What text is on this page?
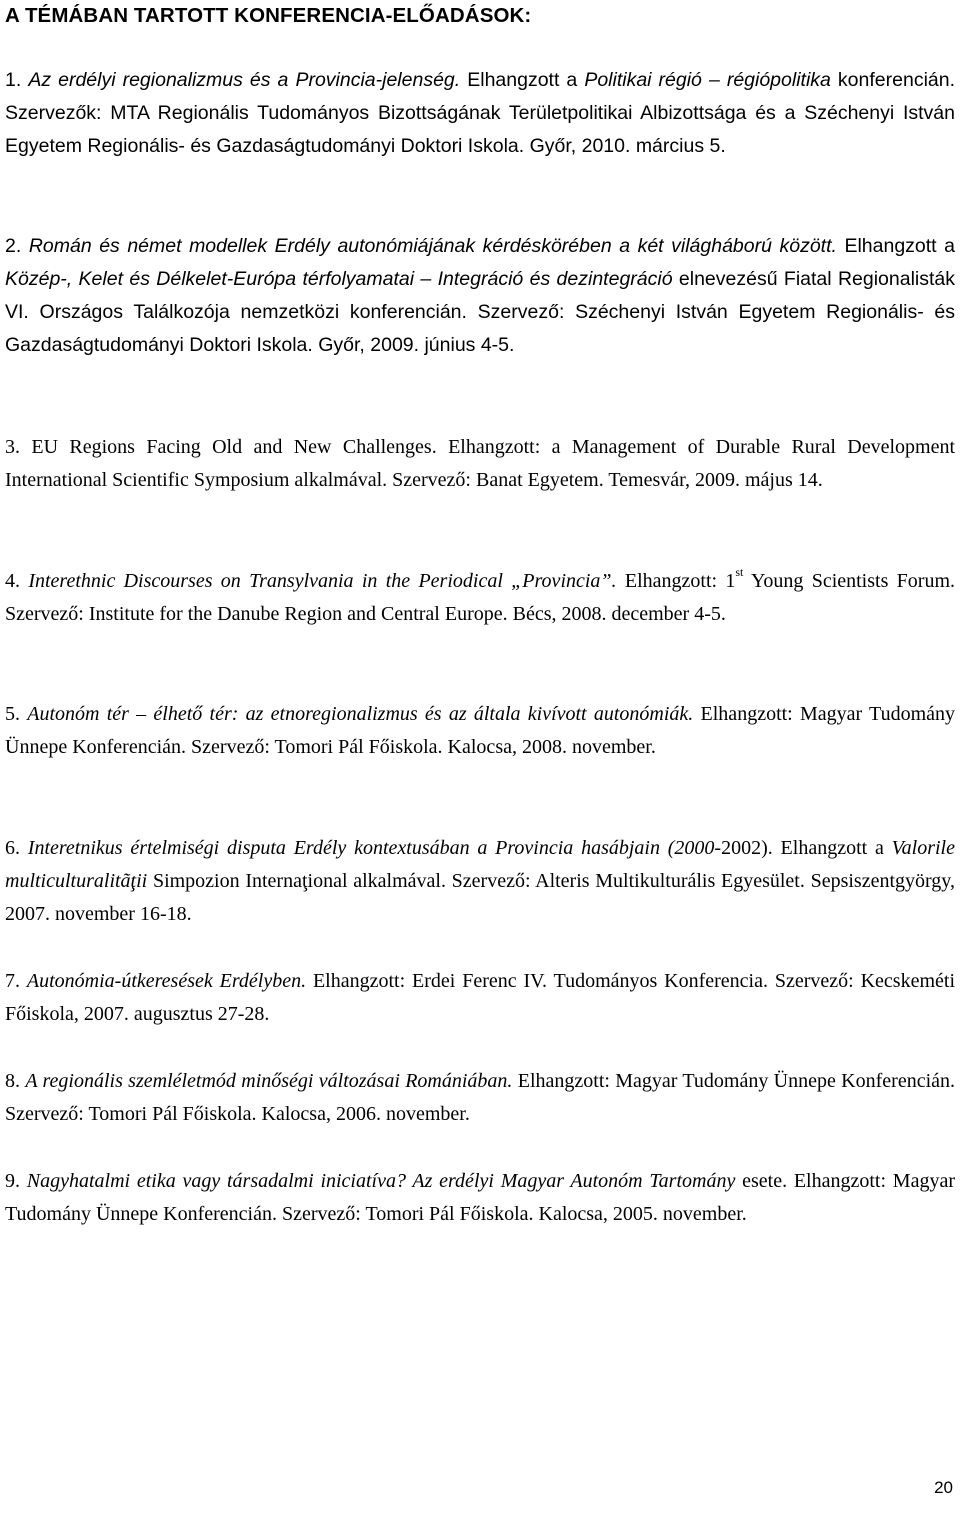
A TÉMÁBAN TARTOTT KONFERENCIA-ELŐADÁSOK:

1. Az erdélyi regionalizmus és a Provincia-jelenség. Elhangzott a Politikai régió – régiópolitika konferencián. Szervezők: MTA Regionális Tudományos Bizottságának Területpolitikai Albizottsága és a Széchenyi István Egyetem Regionális- és Gazdaságtudományi Doktori Iskola. Győr, 2010. március 5.

2. Román és német modellek Erdély autonómiájának kérdéskörében a két világháború között. Elhangzott a Közép-, Kelet és Délkelet-Európa térfolyamatai – Integráció és dezintegráció elnevezésű Fiatal Regionalisták VI. Országos Találkozója nemzetközi konferencián. Szervező: Széchenyi István Egyetem Regionális- és Gazdaságtudományi Doktori Iskola. Győr, 2009. június 4-5.

3. EU Regions Facing Old and New Challenges. Elhangzott: a Management of Durable Rural Development International Scientific Symposium alkalmával. Szervező: Banat Egyetem. Temesvár, 2009. május 14.

4. Interethnic Discourses on Transylvania in the Periodical „Provincia”. Elhangzott: 1st Young Scientists Forum. Szervező: Institute for the Danube Region and Central Europe. Bécs, 2008. december 4-5.

5. Autonóm tér – élhető tér: az etnoregionalizmus és az általa kivívott autonómiák. Elhangzott: Magyar Tudomány Ünnepe Konferencián. Szervező: Tomori Pál Főiskola. Kalocsa, 2008. november.

6. Interetnikus értelmiségi disputa Erdély kontextusában a Provincia hasábjain (2000-2002). Elhangzott a Valorile multiculturalitãţii Simpozion Internaţional alkalmával. Szervező: Alteris Multikulturális Egyesület. Sepsiszentgyörgy, 2007. november 16-18.

7. Autonómia-útkeresések Erdélyben. Elhangzott: Erdei Ferenc IV. Tudományos Konferencia. Szervező: Kecskeméti Főiskola, 2007. augusztus 27-28.

8. A regionális szemléletmód minőségi változásai Romániában. Elhangzott: Magyar Tudomány Ünnepe Konferencián. Szervező: Tomori Pál Főiskola. Kalocsa, 2006. november.

9. Nagyhatalmi etika vagy társadalmi iniciatíva? Az erdélyi Magyar Autonóm Tartomány esete. Elhangzott: Magyar Tudomány Ünnepe Konferencián. Szervező: Tomori Pál Főiskola. Kalocsa, 2005. november.

20
